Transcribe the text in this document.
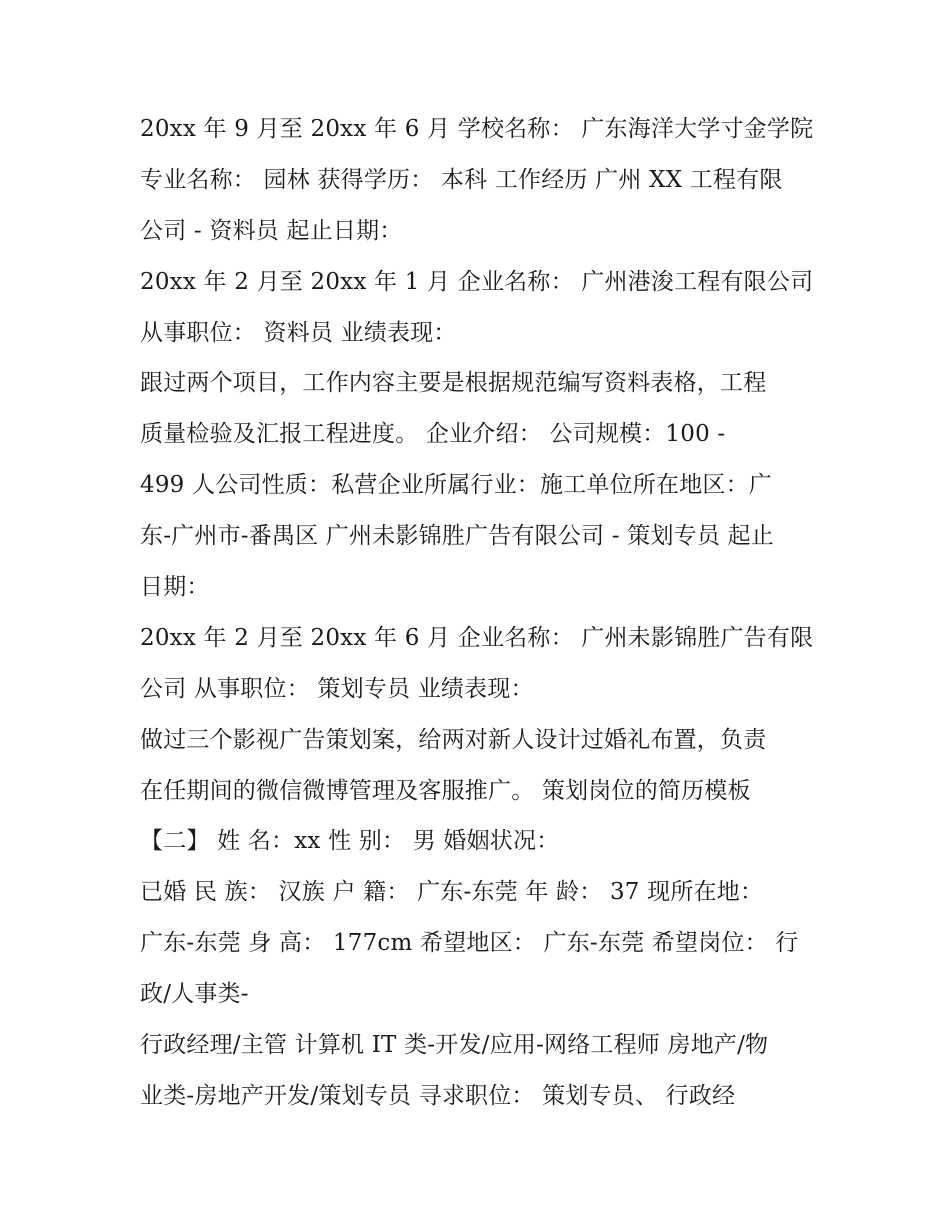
20xx 年 9 月至 20xx 年 6 月 学校名称： 广东海洋大学寸金学院
专业名称： 园林 获得学历： 本科 工作经历 广州 XX 工程有限
公司 - 资料员 起止日期：
20xx 年 2 月至 20xx 年 1 月 企业名称： 广州港浚工程有限公司
从事职位： 资料员 业绩表现：
跟过两个项目，工作内容主要是根据规范编写资料表格，工程
质量检验及汇报工程进度。 企业介绍： 公司规模：100 -
499 人公司性质：私营企业所属行业：施工单位所在地区：广
东-广州市-番禺区 广州未影锦胜广告有限公司 - 策划专员 起止
日期：
20xx 年 2 月至 20xx 年 6 月 企业名称： 广州未影锦胜广告有限
公司 从事职位： 策划专员 业绩表现：
做过三个影视广告策划案，给两对新人设计过婚礼布置，负责
在任期间的微信微博管理及客服推广。 策划岗位的简历模板
【二】 姓 名：xx 性 别： 男 婚姻状况：
已婚 民 族： 汉族 户 籍： 广东-东莞 年 龄： 37 现所在地：
广东-东莞 身 高： 177cm 希望地区： 广东-东莞 希望岗位： 行
政/人事类-
行政经理/主管 计算机 IT 类-开发/应用-网络工程师 房地产/物
业类-房地产开发/策划专员 寻求职位： 策划专员、 行政经
